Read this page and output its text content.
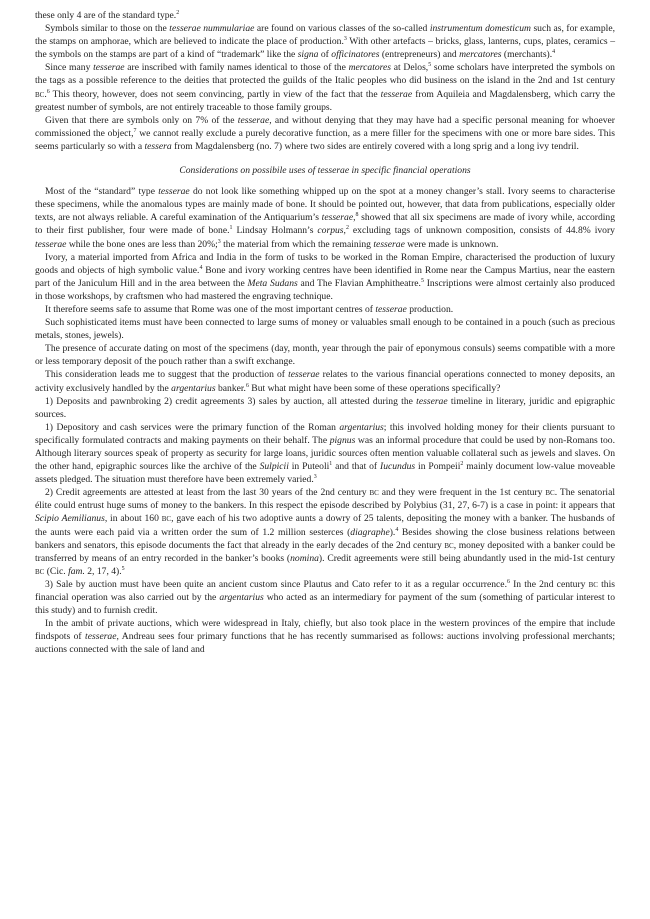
these only 4 are of the standard type.$^2$

Symbols similar to those on the tesserae nummulariae are found on various classes of the so-called instrumentum domesticum such as, for example, the stamps on amphorae, which are believed to indicate the place of production.$^3$ With other artefacts – bricks, glass, lanterns, cups, plates, ceramics – the symbols on the stamps are part of a kind of “trademark” like the signa of officinatores (entrepreneurs) and mercatores (merchants).$^4$

Since many tesserae are inscribed with family names identical to those of the mercatores at Delos,$^5$ some scholars have interpreted the symbols on the tags as a possible reference to the deities that protected the guilds of the Italic peoples who did business on the island in the 2nd and 1st century bc.$^6$ This theory, however, does not seem convincing, partly in view of the fact that the tesserae from Aquileia and Magdalensberg, which carry the greatest number of symbols, are not entirely traceable to those family groups.

Given that there are symbols only on 7% of the tesserae, and without denying that they may have had a specific personal meaning for whoever commissioned the object,$^7$ we cannot really exclude a purely decorative function, as a mere filler for the specimens with one or more bare sides. This seems particularly so with a tessera from Magdalensberg (no. 7) where two sides are entirely covered with a long sprig and a long ivy tendril.

Considerations on possibile uses of tesserae in specific financial operations

Most of the “standard” type tesserae do not look like something whipped up on the spot at a money changer’s stall. Ivory seems to characterise these specimens, while the anomalous types are mainly made of bone. It should be pointed out, however, that data from publications, especially older texts, are not always reliable. A careful examination of the Antiquarium’s tesserae,$^8$ showed that all six specimens are made of ivory while, according to their first publisher, four were made of bone.$^1$ Lindsay Holmann’s corpus,$^2$ excluding tags of unknown composition, consists of 44.8% ivory tesserae while the bone ones are less than 20%;$^3$ the material from which the remaining tesserae were made is unknown.

Ivory, a material imported from Africa and India in the form of tusks to be worked in the Roman Empire, characterised the production of luxury goods and objects of high symbolic value.$^4$ Bone and ivory working centres have been identified in Rome near the Campus Martius, near the eastern part of the Janiculum Hill and in the area between the Meta Sudans and The Flavian Amphitheatre.$^5$ Inscriptions were almost certainly also produced in those workshops, by craftsmen who had mastered the engraving technique.

It therefore seems safe to assume that Rome was one of the most important centres of tesserae production.

Such sophisticated items must have been connected to large sums of money or valuables small enough to be contained in a pouch (such as precious metals, stones, jewels).

The presence of accurate dating on most of the specimens (day, month, year through the pair of eponymous consuls) seems compatible with a more or less temporary deposit of the pouch rather than a swift exchange.

This consideration leads me to suggest that the production of tesserae relates to the various financial operations connected to money deposits, an activity exclusively handled by the argentarius banker.$^6$ But what might have been some of these operations specifically?

1) Deposits and pawnbroking 2) credit agreements 3) sales by auction, all attested during the tesserae timeline in literary, juridic and epigraphic sources.

1) Depository and cash services were the primary function of the Roman argentarius; this involved holding money for their clients pursuant to specifically formulated contracts and making payments on their behalf. The pignus was an informal procedure that could be used by non-Romans too. Although literary sources speak of property as security for large loans, juridic sources often mention valuable collateral such as jewels and slaves. On the other hand, epigraphic sources like the archive of the Sulpicii in Puteoli$^1$ and that of Iucundus in Pompeii$^2$ mainly document low-value moveable assets pledged. The situation must therefore have been extremely varied.$^3$

2) Credit agreements are attested at least from the last 30 years of the 2nd century bc and they were frequent in the 1st century bc. The senatorial élite could entrust huge sums of money to the bankers. In this respect the episode described by Polybius (31, 27, 6-7) is a case in point: it appears that Scipio Aemilianus, in about 160 bc, gave each of his two adoptive aunts a dowry of 25 talents, depositing the money with a banker. The husbands of the aunts were each paid via a written order the sum of 1.2 million sesterces (diagraphe).$^4$ Besides showing the close business relations between bankers and senators, this episode documents the fact that already in the early decades of the 2nd century bc, money deposited with a banker could be transferred by means of an entry recorded in the banker’s books (nomina). Credit agreements were still being abundantly used in the mid-1st century bc (Cic. fam. 2, 17, 4).$^5$

3) Sale by auction must have been quite an ancient custom since Plautus and Cato refer to it as a regular occurrence.$^6$ In the 2nd century bc this financial operation was also carried out by the argentarius who acted as an intermediary for payment of the sum (something of particular interest to this study) and to furnish credit.

In the ambit of private auctions, which were widespread in Italy, chiefly, but also took place in the western provinces of the empire that include findspots of tesserae, Andreau sees four primary functions that he has recently summarised as follows: auctions involving professional merchants; auctions connected with the sale of land and
